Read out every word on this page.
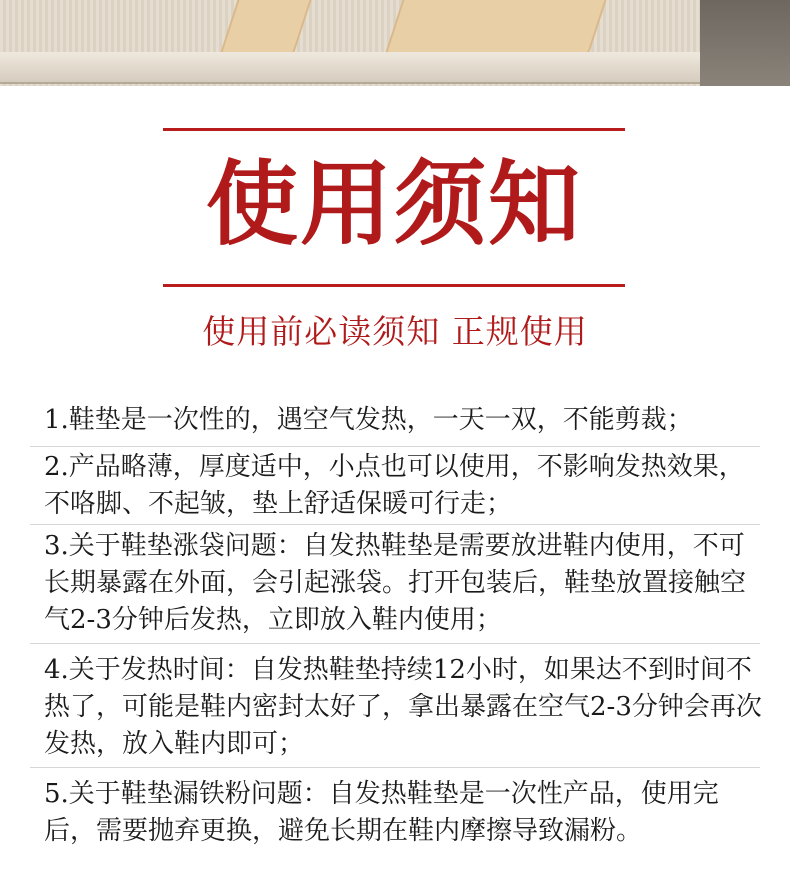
使用须知
使用前必读须知 正规使用
1.鞋垫是一次性的，遇空气发热，一天一双，不能剪裁；
2.产品略薄，厚度适中，小点也可以使用，不影响发热效果，不咯脚、不起皱，垫上舒适保暖可行走；
3.关于鞋垫涨袋问题：自发热鞋垫是需要放进鞋内使用，不可长期暴露在外面，会引起涨袋。打开包装后，鞋垫放置接触空气2-3分钟后发热，立即放入鞋内使用；
4.关于发热时间：自发热鞋垫持续12小时，如果达不到时间不热了，可能是鞋内密封太好了，拿出暴露在空气2-3分钟会再次发热，放入鞋内即可；
5.关于鞋垫漏铁粉问题：自发热鞋垫是一次性产品，使用完后，需要抛弃更换，避免长期在鞋内摩擦导致漏粉。
